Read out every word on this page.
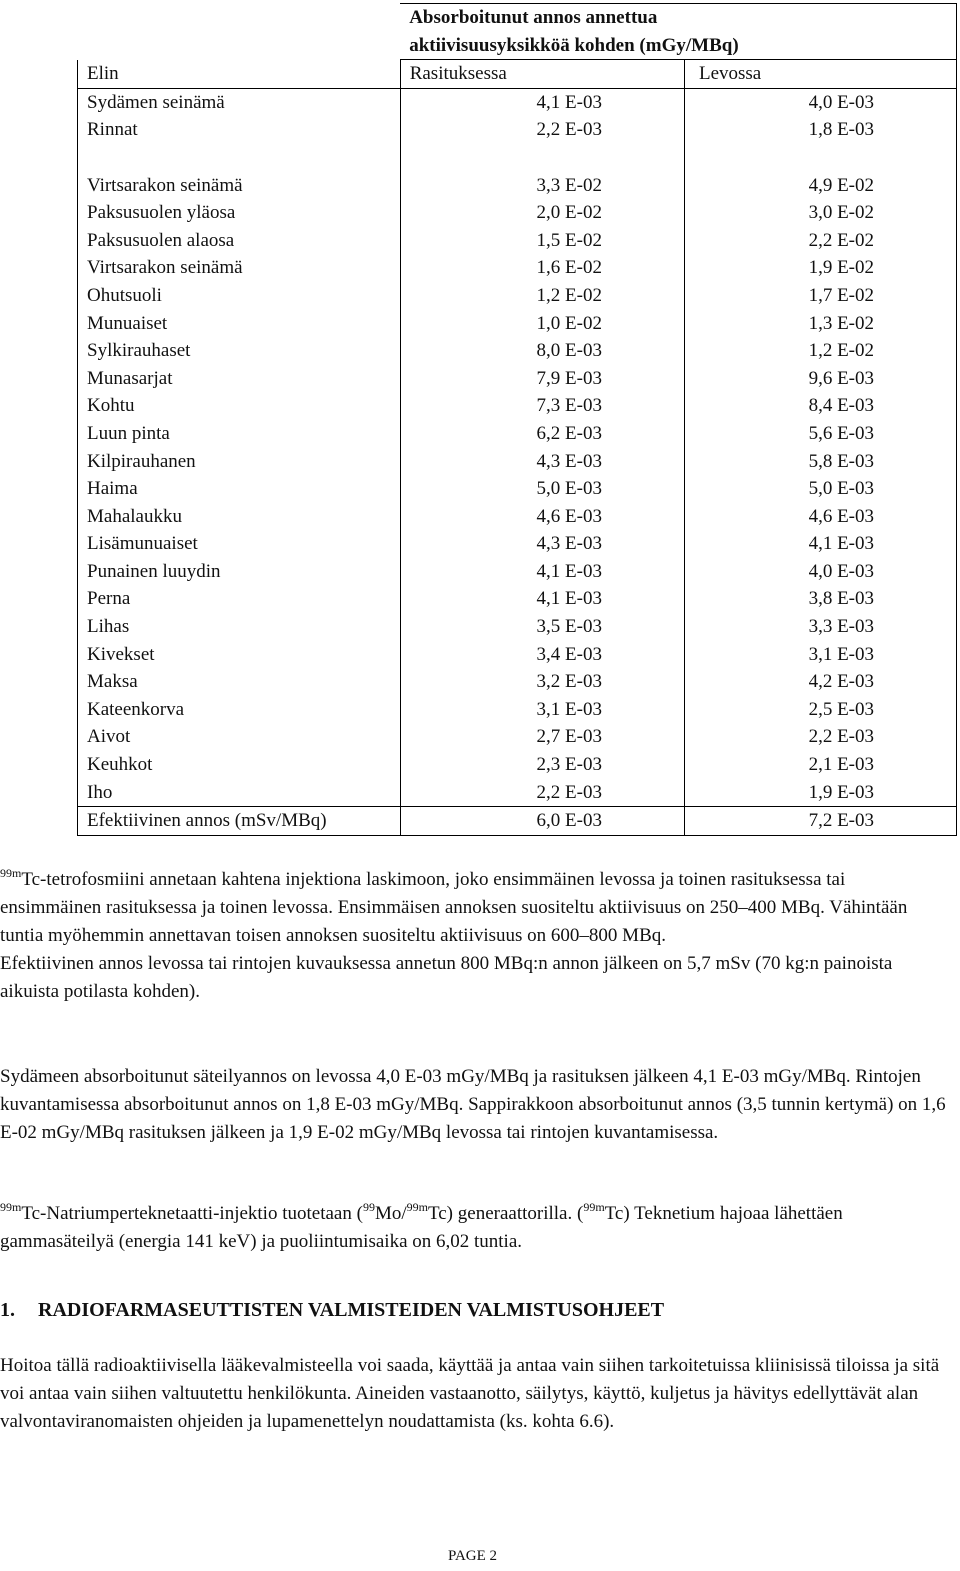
	Absorboitunut annos annettua
aktiivisuusyksikköä kohden (mGy/MBq)	
Elin	Rasituksessa	Levossa
Sydämen seinämä	4,1 E-03	4,0 E-03
Rinnat	2,2 E-03	1,8 E-03

Virtsarakon seinämä	3,3 E-02	4,9 E-02
Paksusuolen yläosa	2,0 E-02	3,0 E-02
Paksusuolen alaosa	1,5 E-02	2,2 E-02
Virtsarakon seinämä	1,6 E-02	1,9 E-02
Ohutsuoli	1,2 E-02	1,7 E-02
Munuaiset	1,0 E-02	1,3 E-02
Sylkirauhaset	8,0 E-03	1,2 E-02
Munasarjat	7,9 E-03	9,6 E-03
Kohtu	7,3 E-03	8,4 E-03
Luun pinta	6,2 E-03	5,6 E-03
Kilpirauhanen	4,3 E-03	5,8 E-03
Haima	5,0 E-03	5,0 E-03
Mahalaukku	4,6 E-03	4,6 E-03
Lisämunuaiset	4,3 E-03	4,1 E-03
Punainen luuydin	4,1 E-03	4,0 E-03
Perna	4,1 E-03	3,8 E-03
Lihas	3,5 E-03	3,3 E-03
Kivekset	3,4 E-03	3,1 E-03
Maksa	3,2 E-03	4,2 E-03
Kateenkorva	3,1 E-03	2,5 E-03
Aivot	2,7 E-03	2,2 E-03
Keuhkot	2,3 E-03	2,1 E-03
Iho	2,2 E-03	1,9 E-03
Efektiivinen annos (mSv/MBq)	6,0 E-03	7,2 E-03
$^{99m}$Tc-tetrofosmiini annetaan kahtena injektiona laskimoon, joko ensimmäinen levossa ja toinen rasituksessa tai ensimmäinen rasituksessa ja toinen levossa. Ensimmäisen annoksen suositeltu aktiivisuus on 250–400 MBq. Vähintään tuntia myöhemmin annettavan toisen annoksen suositeltu aktiivisuus on 600–800 MBq.
Efektiivinen annos levossa tai rintojen kuvauksessa annetun 800 MBq:n annon jälkeen on 5,7 mSv (70 kg:n painoista aikuista potilasta kohden).
Sydämeen absorboitunut säteilyannos on levossa 4,0 E-03 mGy/MBq ja rasituksen jälkeen 4,1 E-03 mGy/MBq. Rintojen kuvantamisessa absorboitunut annos on 1,8 E-03 mGy/MBq. Sappirakkoon absorboitunut annos (3,5 tunnin kertymä) on 1,6 E-02 mGy/MBq rasituksen jälkeen ja 1,9 E-02 mGy/MBq levossa tai rintojen kuvantamisessa.
$^{99m}$Tc-Natriumperteknetaatti-injektio tuotetaan ($^{99}$Mo/$^{99m}$Tc) generaattorilla. ($^{99m}$Tc) Teknetium hajoaa lähettäen gammasäteilyä (energia 141 keV) ja puoliintumisaika on 6,02 tuntia.
1. RADIOFARMASEUTTISTEN VALMISTEIDEN VALMISTUSOHJEET
Hoitoa tällä radioaktiivisella lääkevalmisteella voi saada, käyttää ja antaa vain siihen tarkoitetuissa kliinisissä tiloissa ja sitä voi antaa vain siihen valtuutettu henkilökunta. Aineiden vastaanotto, säilytys, käyttö, kuljetus ja hävitys edellyttävät alan valvontaviranomaisten ohjeiden ja lupamenettelyn noudattamista (ks. kohta 6.6).
PAGE 2
